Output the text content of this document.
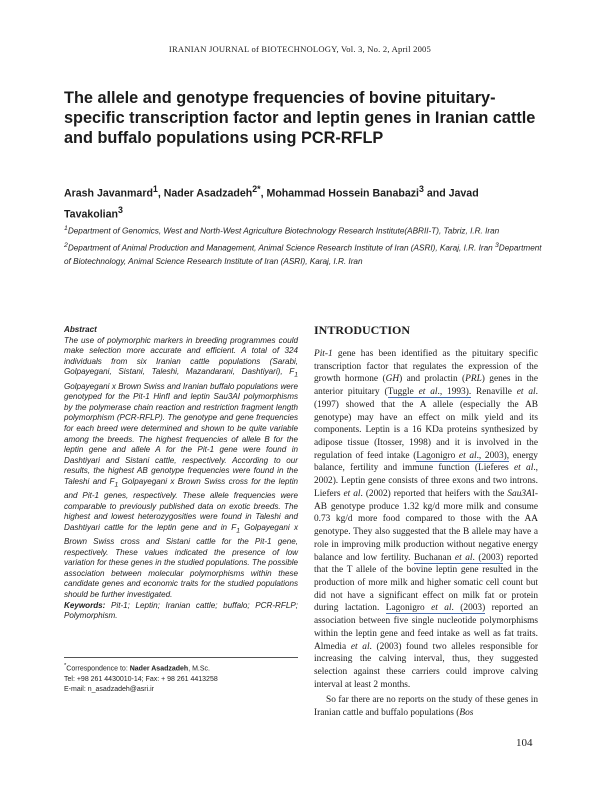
IRANIAN JOURNAL of BIOTECHNOLOGY, Vol. 3, No. 2, April 2005
The allele and genotype frequencies of bovine pituitary-specific transcription factor and leptin genes in Iranian cattle and buffalo populations using PCR-RFLP
Arash Javanmard$^1$, Nader Asadzadeh$^{2*}$, Mohammad Hossein Banabazi$^3$ and Javad Tavakolian$^3$
$^1$Department of Genomics, West and North-West Agriculture Biotechnology Research Institute(ABRII-T), Tabriz, I.R. Iran $^2$Department of Animal Production and Management, Animal Science Research Institute of Iran (ASRI), Karaj, I.R. Iran $^3$Department of Biotechnology, Animal Science Research Institute of Iran (ASRI), Karaj, I.R. Iran
Abstract
The use of polymorphic markers in breeding programmes could make selection more accurate and efficient. A total of 324 individuals from six Iranian cattle populations (Sarabi, Golpayegani, Sistani, Taleshi, Mazandarani, Dashtiyari), $F_1$ Golpayegani x Brown Swiss and Iranian buffalo populations were genotyped for the Pit-1 HinfI and leptin Sau3AI polymorphisms by the polymerase chain reaction and restriction fragment length polymorphism (PCR-RFLP). The genotype and gene frequencies for each breed were determined and shown to be quite variable among the breeds. The highest frequencies of allele B for the leptin gene and allele A for the Pit-1 gene were found in Dashtiyari and Sistani cattle, respectively. According to our results, the highest AB genotype frequencies were found in the Taleshi and $F_1$ Golpayegani x Brown Swiss cross for the leptin and Pit-1 genes, respectively. These allele frequencies were comparable to previously published data on exotic breeds. The highest and lowest heterozygosities were found in Taleshi and Dashtiyari cattle for the leptin gene and in $F_1$ Golpayegani x Brown Swiss cross and Sistani cattle for the Pit-1 gene, respectively. These values indicated the presence of low variation for these genes in the studied populations. The possible association between molecular polymorphisms within these candidate genes and economic traits for the studied populations should be further investigated.
Keywords: Pit-1; Leptin; Iranian cattle; buffalo; PCR-RFLP; Polymorphism.
*Correspondence to: Nader Asadzadeh, M.Sc.
Tel: +98 261 4430010-14; Fax: + 98 261 4413258
E-mail: n_asadzadeh@asri.ir
INTRODUCTION

Pit-1 gene has been identified as the pituitary specific transcription factor that regulates the expression of the growth hormone (GH) and prolactin (PRL) genes in the anterior pituitary (Tuggle et al., 1993). Renaville et al. (1997) showed that the A allele (especially the AB genotype) may have an effect on milk yield and its components. Leptin is a 16 KDa proteins synthesized by adipose tissue (Itosser, 1998) and it is involved in the regulation of feed intake (Lagonigro et al., 2003), energy balance, fertility and immune function (Lieferes et al., 2002). Leptin gene consists of three exons and two introns. Liefers et al. (2002) reported that heifers with the Sau3AI-AB genotype produce 1.32 kg/d more milk and consume 0.73 kg/d more food compared to those with the AA genotype. They also suggested that the B allele may have a role in improving milk production without negative energy balance and low fertility. Buchanan et al. (2003) reported that the T allele of the bovine leptin gene resulted in the production of more milk and higher somatic cell count but did not have a significant effect on milk fat or protein during lactation. Lagonigro et al. (2003) reported an association between five single nucleotide polymorphisms within the leptin gene and feed intake as well as fat traits. Almedia et al. (2003) found two alleles responsible for increasing the calving interval, thus, they suggested selection against these carriers could improve calving interval at least 2 months.

So far there are no reports on the study of these genes in Iranian cattle and buffalo populations (Bos

104
